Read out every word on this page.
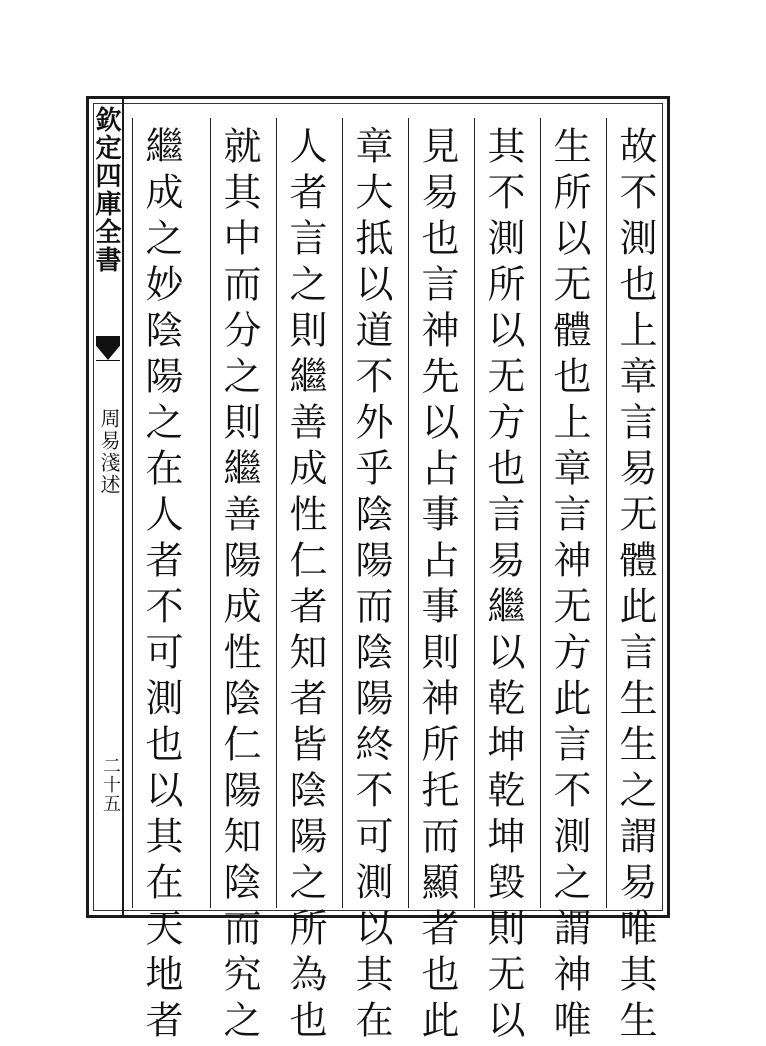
欽定四庫全書
周易淺述
二十五	故不測也上章言易无體此言生生之謂易唯其生
生所以无體也上章言神无方此言不測之謂神唯
其不測所以无方也言易繼以乾坤乾坤毀則无以
見易也言神先以占事占事則神所托而顯者也此
章大抵以道不外乎陰陽而陰陽終不可測以其在
人者言之則繼善成性仁者知者皆陰陽之所為也
就其中而分之則繼善陽成性陰仁陽知陰而究之
繼成之妙陰陽之在人者不可測也以其在天地者
